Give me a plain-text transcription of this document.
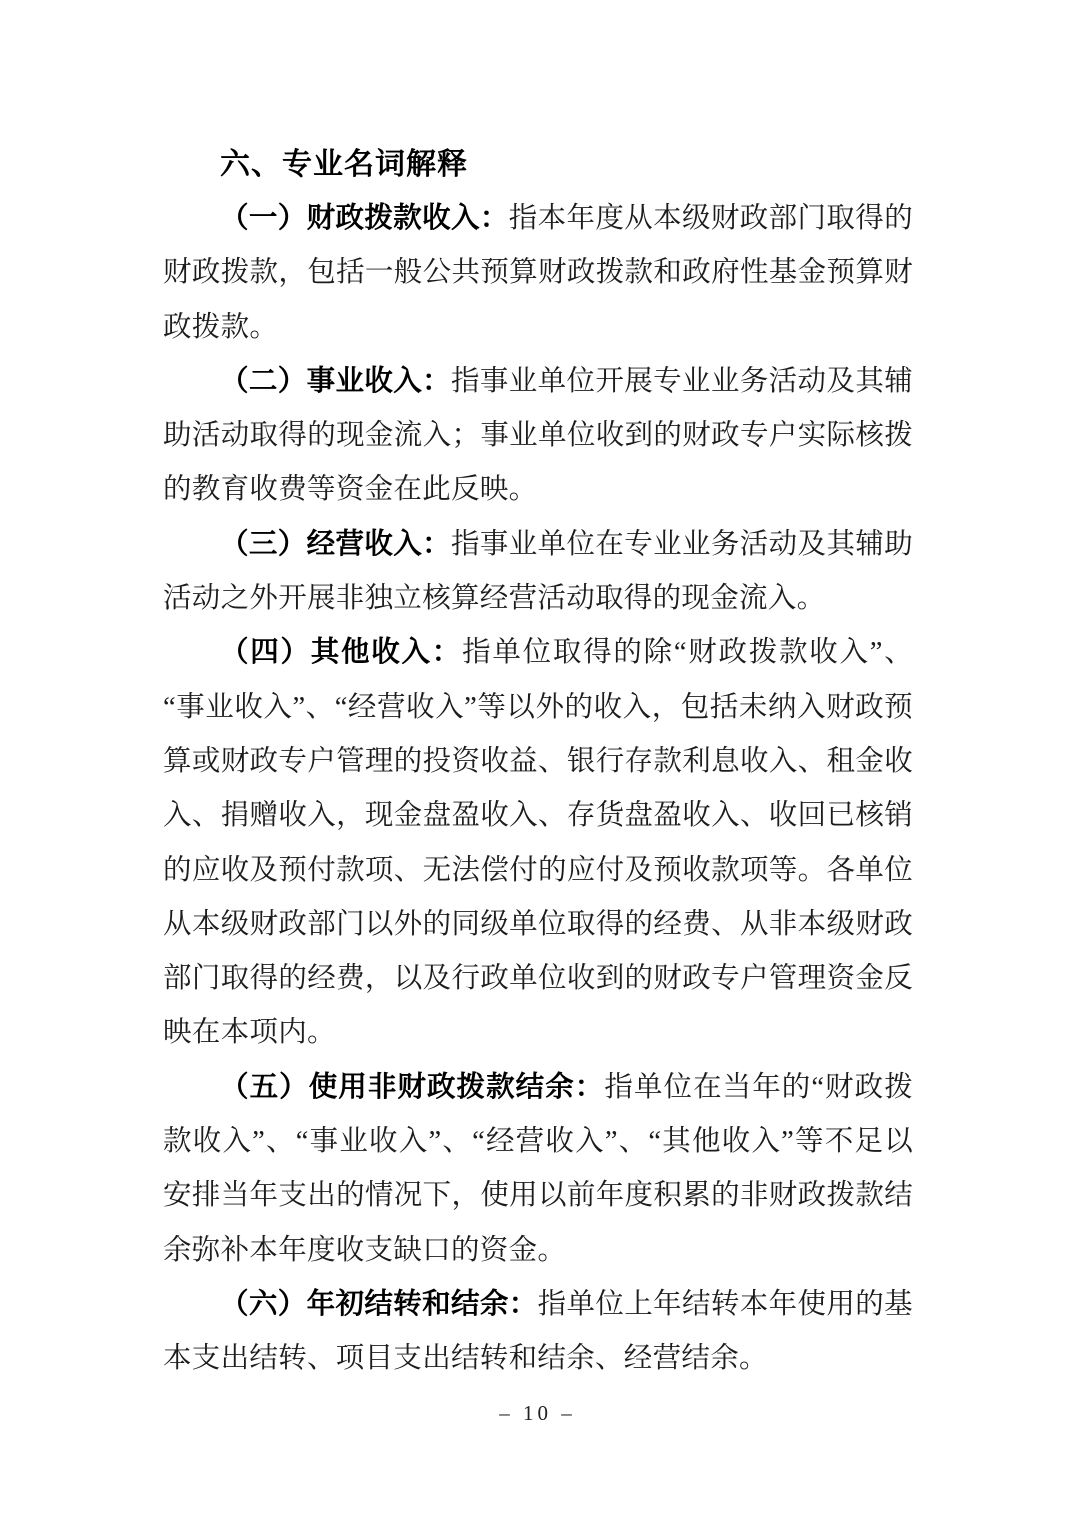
六、专业名词解释

（一）财政拨款收入：指本年度从本级财政部门取得的财政拨款，包括一般公共预算财政拨款和政府性基金预算财政拨款。

（二）事业收入：指事业单位开展专业业务活动及其辅助活动取得的现金流入；事业单位收到的财政专户实际核拨的教育收费等资金在此反映。

（三）经营收入：指事业单位在专业业务活动及其辅助活动之外开展非独立核算经营活动取得的现金流入。

（四）其他收入：指单位取得的除“财政拨款收入”、“事业收入”、“经营收入”等以外的收入，包括未纳入财政预算或财政专户管理的投资收益、银行存款利息收入、租金收入、捐赠收入，现金盘盈收入、存货盘盈收入、收回已核销的应收及预付款项、无法偿付的应付及预收款项等。各单位从本级财政部门以外的同级单位取得的经费、从非本级财政部门取得的经费，以及行政单位收到的财政专户管理资金反映在本项内。

（五）使用非财政拨款结余：指单位在当年的“财政拨款收入”、“事业收入”、“经营收入”、“其他收入”等不足以安排当年支出的情况下，使用以前年度积累的非财政拨款结余弥补本年度收支缺口的资金。

（六）年初结转和结余：指单位上年结转本年使用的基本支出结转、项目支出结转和结余、经营结余。

– 10 –
